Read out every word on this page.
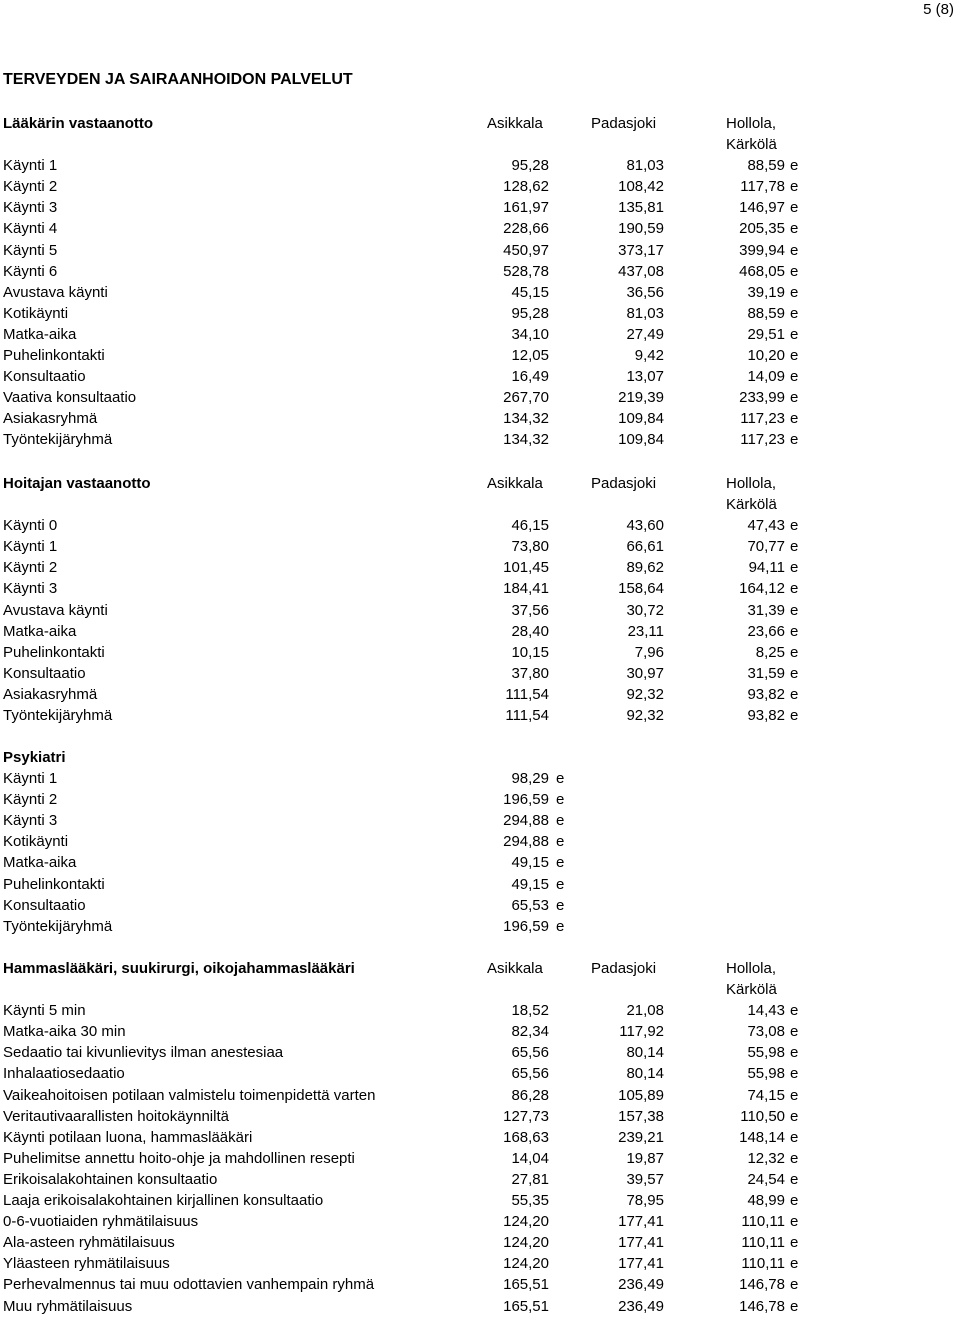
5 (8)
TERVEYDEN JA SAIRAANHOIDON PALVELUT
Lääkärin vastaanotto	Asikkala	Padasjoki	Hollola,
Kärkölä
Käynti 1	95,28	81,03	88,59 e
Käynti 2	128,62	108,42	117,78 e
Käynti 3	161,97	135,81	146,97 e
Käynti 4	228,66	190,59	205,35 e
Käynti 5	450,97	373,17	399,94 e
Käynti 6	528,78	437,08	468,05 e
Avustava käynti	45,15	36,56	39,19 e
Kotikäynti	95,28	81,03	88,59 e
Matka-aika	34,10	27,49	29,51 e
Puhelinkontakti	12,05	9,42	10,20 e
Konsultaatio	16,49	13,07	14,09 e
Vaativa konsultaatio	267,70	219,39	233,99 e
Asiakasryhmä	134,32	109,84	117,23 e
Työntekijäryhmä	134,32	109,84	117,23 e
Hoitajan vastaanotto	Asikkala	Padasjoki	Hollola,
Kärkölä
Käynti 0	46,15	43,60	47,43 e
Käynti 1	73,80	66,61	70,77 e
Käynti 2	101,45	89,62	94,11 e
Käynti 3	184,41	158,64	164,12 e
Avustava käynti	37,56	30,72	31,39 e
Matka-aika	28,40	23,11	23,66 e
Puhelinkontakti	10,15	7,96	8,25 e
Konsultaatio	37,80	30,97	31,59 e
Asiakasryhmä	111,54	92,32	93,82 e
Työntekijäryhmä	111,54	92,32	93,82 e
Psykiatri
Käynti 1	98,29 e
Käynti 2	196,59 e
Käynti 3	294,88 e
Kotikäynti	294,88 e
Matka-aika	49,15 e
Puhelinkontakti	49,15 e
Konsultaatio	65,53 e
Työntekijäryhmä	196,59 e
Hammaslääkäri, suukirurgi, oikojahammaslääkäri	Asikkala	Padasjoki	Hollola,
Kärkölä
Käynti 5 min	18,52	21,08	14,43 e
Matka-aika 30 min	82,34	117,92	73,08 e
Sedaatio tai kivunlievitys ilman anestesiaa	65,56	80,14	55,98 e
Inhalaatiosedaatio	65,56	80,14	55,98 e
Vaikeahoitoisen potilaan valmistelu toimenpidettä varten	86,28	105,89	74,15 e
Veritautivaarallisten hoitokäynniltä	127,73	157,38	110,50 e
Käynti potilaan luona, hammaslääkäri	168,63	239,21	148,14 e
Puhelimitse annettu hoito-ohje ja mahdollinen resepti	14,04	19,87	12,32 e
Erikoisalakohtainen konsultaatio	27,81	39,57	24,54 e
Laaja erikoisalakohtainen kirjallinen konsultaatio	55,35	78,95	48,99 e
0-6-vuotiaiden ryhmätilaisuus	124,20	177,41	110,11 e
Ala-asteen ryhmätilaisuus	124,20	177,41	110,11 e
Yläasteen ryhmätilaisuus	124,20	177,41	110,11 e
Perhevalmennus tai muu odottavien vanhempain ryhmä	165,51	236,49	146,78 e
Muu ryhmätilaisuus	165,51	236,49	146,78 e
